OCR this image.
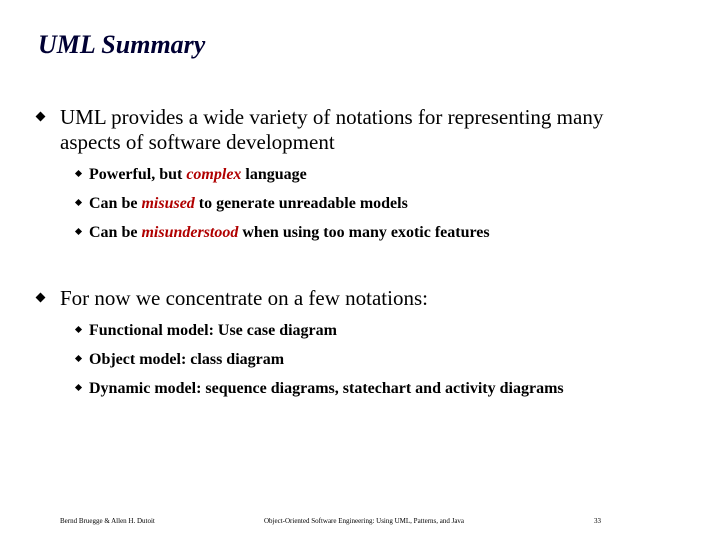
UML Summary
UML provides a wide variety of notations for representing many aspects of software development
Powerful, but complex language
Can be misused to generate unreadable models
Can be misunderstood when using too many exotic features
For now we concentrate on a few notations:
Functional model: Use case diagram
Object model: class diagram
Dynamic model: sequence diagrams, statechart and activity diagrams
Bernd Bruegge & Allen H. Dutoit	Object-Oriented Software Engineering: Using UML, Patterns, and Java	33
